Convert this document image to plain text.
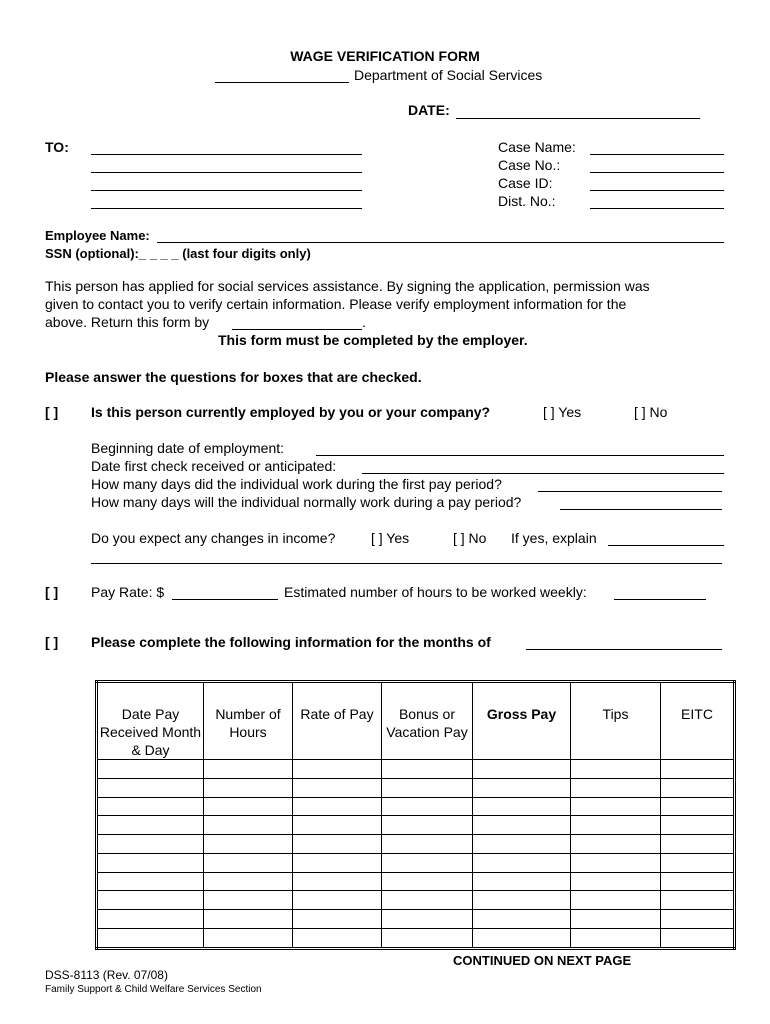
WAGE VERIFICATION FORM
Department of Social Services
DATE:
TO:	Case Name:
Case No.:
Case ID:
Dist. No.:
Employee Name:
SSN (optional):_ _ _ _ (last four digits only)
This person has applied for social services assistance. By signing the application, permission was
given to contact you to verify certain information. Please verify employment information for the
above. Return this form by	.
This form must be completed by the employer.
Please answer the questions for boxes that are checked.
[ ] Is this person currently employed by you or your company?	[ ] Yes	[ ] No
Beginning date of employment:
Date first check received or anticipated:
How many days did the individual work during the first pay period?
How many days will the individual normally work during a pay period?
Do you expect any changes in income?	[ ] Yes	[ ] No If yes, explain
[ ] Pay Rate: $	Estimated number of hours to be worked weekly:
[ ] Please complete the following information for the months of
Date Pay Received Month & Day	Number of Hours	Rate of Pay	Bonus or Vacation Pay	Gross Pay	Tips	EITC

CONTINUED ON NEXT PAGE
DSS-8113 (Rev. 07/08)
Family Support & Child Welfare Services Section
